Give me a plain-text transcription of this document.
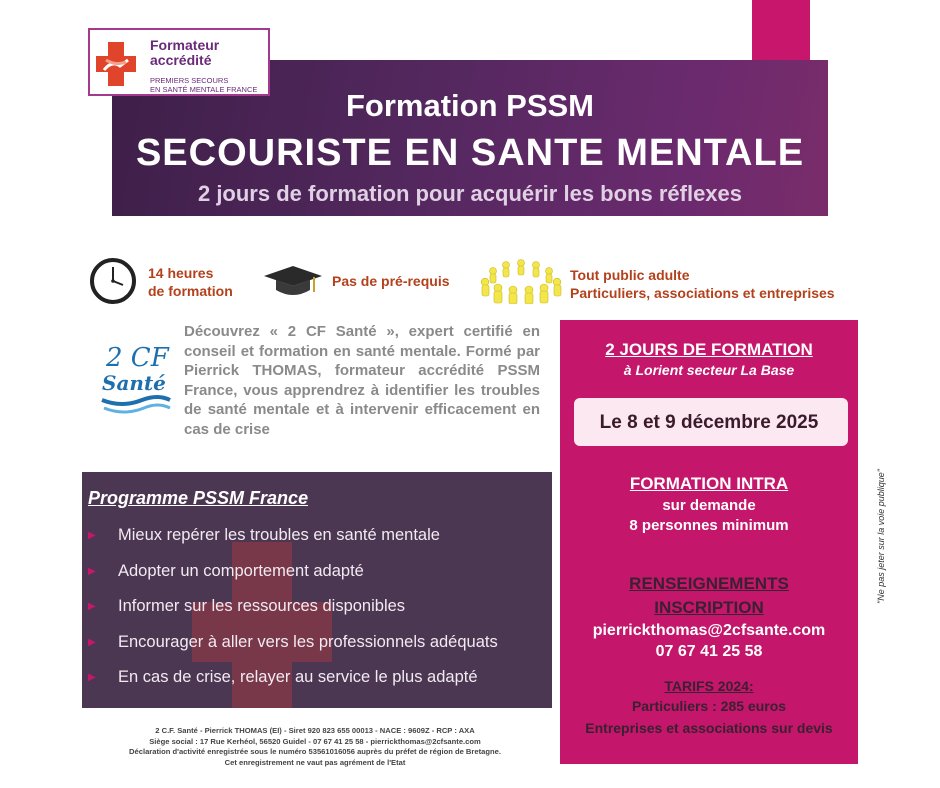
Formation PSSM
SECOURISTE EN SANTE MENTALE
2 jours de formation pour acquérir les bons réflexes
Formateur
accrédité
PREMIERS SECOURS
EN SANTÉ MENTALE FRANCE
14 heures
de formation
Pas de pré-requis	Tout public adulte
Particuliers, associations et entreprises
2 CF
Santé
Découvrez « 2 CF Santé », expert certifié en conseil et formation en santé mentale. Formé par Pierrick THOMAS, formateur accrédité PSSM France, vous apprendrez à identifier les troubles de santé mentale et à intervenir efficacement en cas de crise
Programme PSSM France
▶	Mieux repérer les troubles en santé mentale
▶	Adopter un comportement adapté
▶	Informer sur les ressources disponibles
▶	Encourager à aller vers les professionnels adéquats
▶	En cas de crise, relayer au service le plus adapté
2 JOURS DE FORMATION
à Lorient secteur La Base
Le 8 et 9 décembre 2025
FORMATION INTRA
sur demande
8 personnes minimum
RENSEIGNEMENTS
INSCRIPTION
pierrickthomas@2cfsante.com
07 67 41 25 58
TARIFS 2024:
Particuliers : 285 euros
Entreprises et associations sur devis
2 C.F. Santé - Pierrick THOMAS (EI) - Siret 920 823 655 00013 - NACE : 9609Z - RCP : AXA
Siège social : 17 Rue Kerhéol, 56520 Guidel - 07 67 41 25 58 - pierrickthomas@2cfsante.com
Déclaration d'activité enregistrée sous le numéro 53561016056 auprès du préfet de région de Bretagne.
Cet enregistrement ne vaut pas agrément de l'Etat
"Ne pas jeter sur la voie publique"
